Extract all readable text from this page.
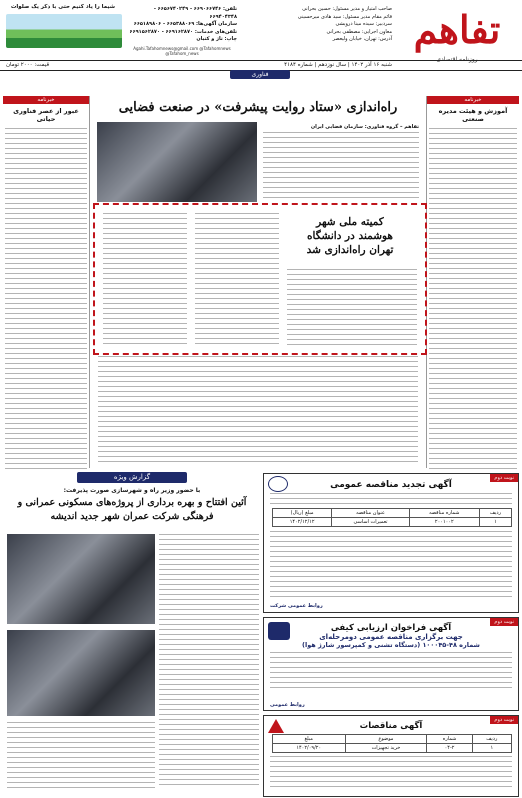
تفاهم
روزنامه اقتصادی
صاحب امتیاز و مدیر مسئول: حسین بحرانی
قائم مقام مدیر مسئول: سید هادی میرحسینی
سردبیر: سیده مینا درویشی
معاون اجرایی: مصطفی بحرانی
آدرس: تهران، خیابان ولیعصر
تلفن: ۶۶۹۰۶۶۷۴۶ - ۶۶۵۶۷۴۰۲۴۹ - ۶۶۹۴۰۴۳۴۸
سازمان آگهی‌ها: ۶۶۵۳۸۸۰۶۹ - ۶۶۵۱۸۹۸۰۶
تلفن‌های خدمات: ۶۶۹۱۶۲۸۷۰ - ۶۶۹۱۵۶۲۸۷۰
چاپ: تاژ و کتیان
Agahi.Tafahomnews@gmail.com @Tafahomnews @Tafahom_news
شیما را یاد کنیم حتی با ذکر یک صلوات
شنبه ۱۶ آذر ۱۴۰۲ | سال نوزدهم | شماره ۴۱۸۴
قیمت: ۲۰۰۰ تومان
فناوری
خبرنامه
آموزش و هیئت مدیره صنعتی
خبرنامه
عبور از عصر فناوری حیاتی
راه‌اندازی «ستاد روایت پیشرفت» در صنعت فضایی
تفاهم – گروه فناوری: سازمان فضایی ایران
کمیته ملی شهر
هوشمند در دانشگاه
تهران راه‌اندازی شد
گزارش ویژه
با حضور وزیر راه و شهرسازی صورت پذیرفت:
آئین افتتاح و بهره برداری از پروژه‌های مسکونی عمرانی و فرهنگی شرکت عمران شهر جدید اندیشه
نوبت دوم
آگهی تجدید مناقصه عمومی
ردیف	شماره مناقصه	عنوان مناقصه	مبلغ (ریال)
۱	۲۰۰۱۰۰۲	تعمیرات اساسی	۱۴۰۲/۱۲/۱۲
روابط عمومی شرکت
نوبت دوم
آگهی فراخوان ارزیابی کیفی
جهت برگزاری مناقصه عمومی دومرحله‌ای
شماره ۴۸-۱۰۰۰۴۵ (دستگاه تشنی و کمپرسور شارژ هوا)
روابط عمومی
نوبت دوم
آگهی مناقصات
ردیف	شماره	موضوع	مبلغ
۱	۰۴-۲	خرید تجهیزات	۱۴۰۲/۰۹/۲۰
